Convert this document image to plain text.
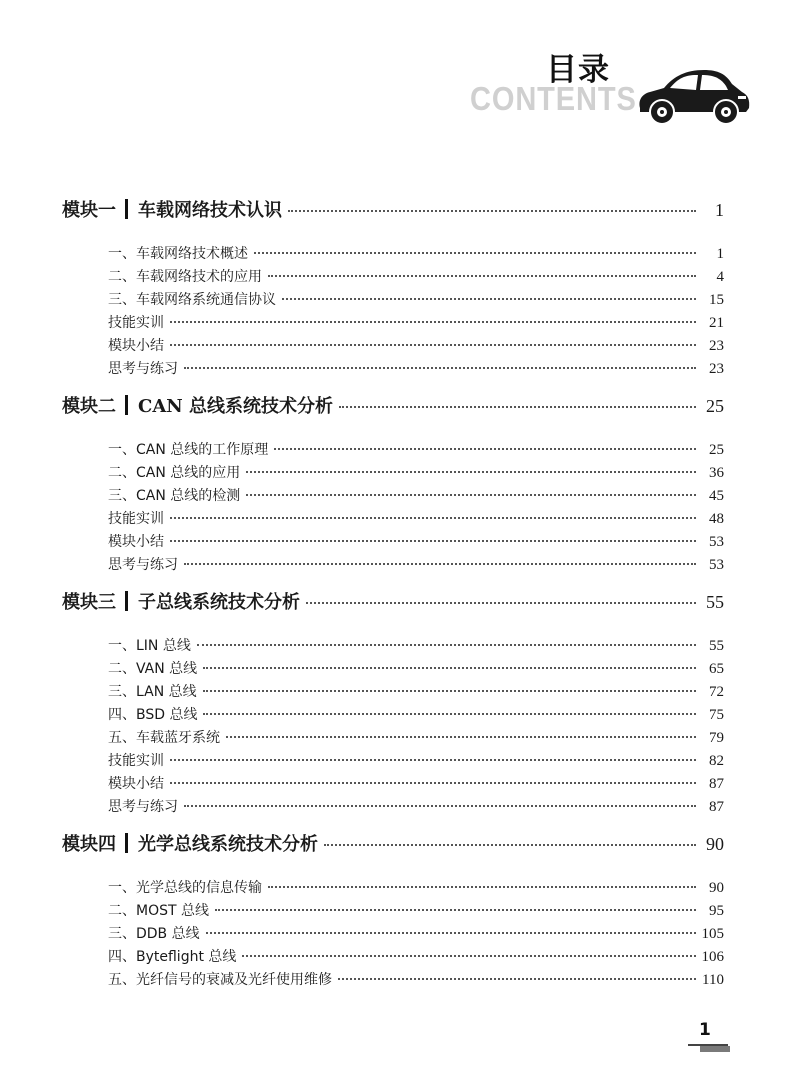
目录
CONTENTS
模块一 车载网络技术认识	1
一、车载网络技术概述	1
二、车载网络技术的应用	4
三、车载网络系统通信协议	15
技能实训	21
模块小结	23
思考与练习	23
模块二 CAN 总线系统技术分析	25
一、CAN 总线的工作原理	25
二、CAN 总线的应用	36
三、CAN 总线的检测	45
技能实训	48
模块小结	53
思考与练习	53
模块三 子总线系统技术分析	55
一、LIN 总线	55
二、VAN 总线	65
三、LAN 总线	72
四、BSD 总线	75
五、车载蓝牙系统	79
技能实训	82
模块小结	87
思考与练习	87
模块四 光学总线系统技术分析	90
一、光学总线的信息传输	90
二、MOST 总线	95
三、DDB 总线	105
四、Byteflight 总线	106
五、光纤信号的衰减及光纤使用维修	110
1
